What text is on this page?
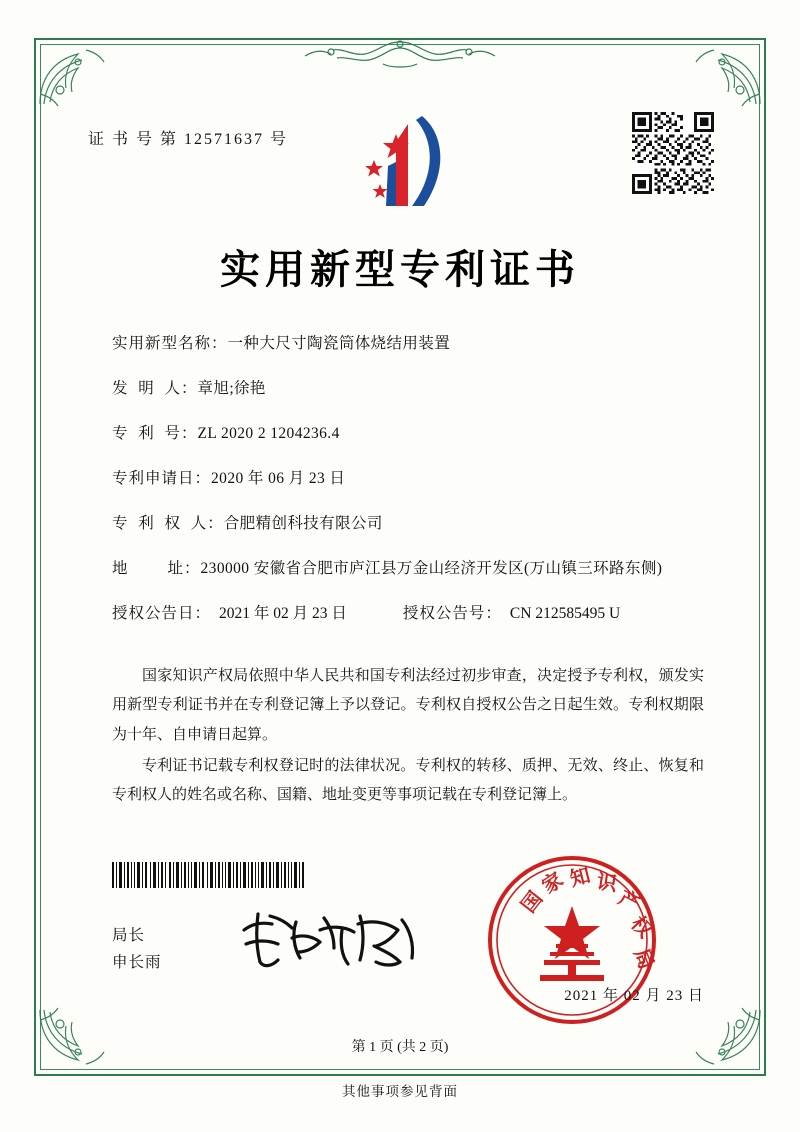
证 书 号 第 12571637 号
实用新型专利证书
实用新型名称： 一种大尺寸陶瓷筒体烧结用装置
发  明  人： 章旭;徐艳
专  利  号： ZL 2020 2 1204236.4
专利申请日： 2020 年 06 月 23 日
专  利  权  人： 合肥精创科技有限公司
地        址： 230000 安徽省合肥市庐江县万金山经济开发区(万山镇三环路东侧)
授权公告日： 2021 年 02 月 23 日	授权公告号： CN 212585495 U

国家知识产权局依照中华人民共和国专利法经过初步审查，决定授予专利权，颁发实用新型专利证书并在专利登记簿上予以登记。专利权自授权公告之日起生效。专利权期限为十年、自申请日起算。

专利证书记载专利权登记时的法律状况。专利权的转移、质押、无效、终止、恢复和专利权人的姓名或名称、国籍、地址变更等事项记载在专利登记簿上。

局长
申长雨
国
家 知 识
产
权
局
2021 年 02 月 23 日
第 1 页 (共 2 页)
其他事项参见背面
